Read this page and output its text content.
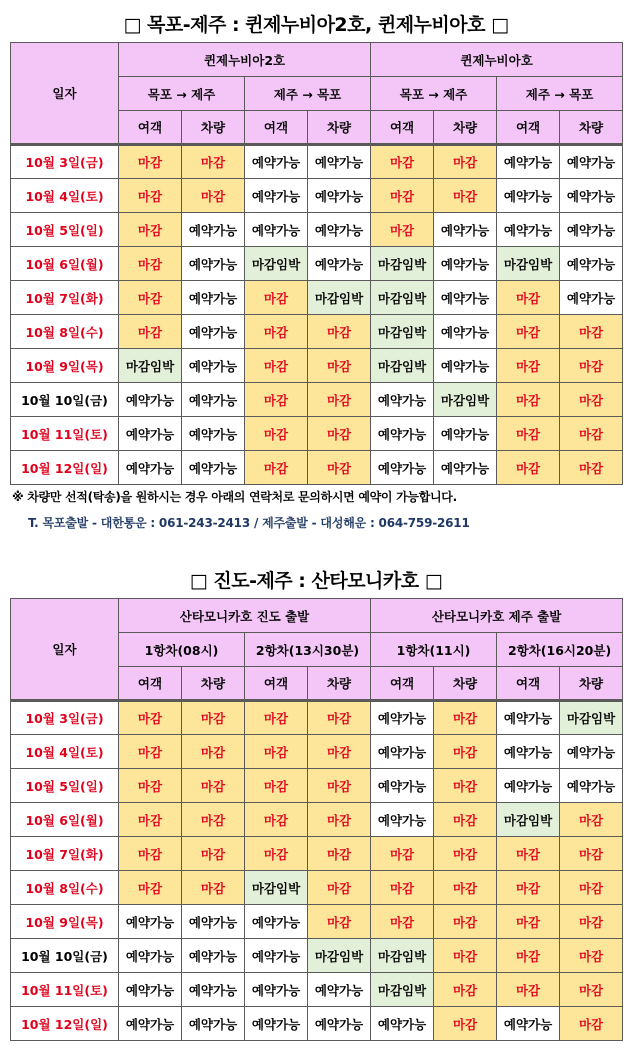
□ 목포-제주 : 퀸제누비아2호, 퀸제누비아호 □
일자	퀸제누비아2호				퀸제누비아호			
	목포 → 제주		제주 → 목포		목포 → 제주		제주 → 목포	
	여객	차량	여객	차량	여객	차량	여객	차량
10월 3일(금)	마감	마감	예약가능	예약가능	마감	마감	예약가능	예약가능
10월 4일(토)	마감	마감	예약가능	예약가능	마감	마감	예약가능	예약가능
10월 5일(일)	마감	예약가능	예약가능	예약가능	마감	예약가능	예약가능	예약가능
10월 6일(월)	마감	예약가능	마감임박	예약가능	마감임박	예약가능	마감임박	예약가능
10월 7일(화)	마감	예약가능	마감	마감임박	마감임박	예약가능	마감	예약가능
10월 8일(수)	마감	예약가능	마감	마감	마감임박	예약가능	마감	마감
10월 9일(목)	마감임박	예약가능	마감	마감	마감임박	예약가능	마감	마감
10월 10일(금)	예약가능	예약가능	마감	마감	예약가능	마감임박	마감	마감
10월 11일(토)	예약가능	예약가능	마감	마감	예약가능	예약가능	마감	마감
10월 12일(일)	예약가능	예약가능	마감	마감	예약가능	예약가능	마감	마감
※ 차량만 선적(탁송)을 원하시는 경우 아래의 연락처로 문의하시면 예약이 가능합니다.
T. 목포출발 - 대한통운 : 061-243-2413 / 제주출발 - 대성해운 : 064-759-2611
□ 진도-제주 : 산타모니카호 □
일자	산타모니카호 진도 출발				산타모니카호 제주 출발			
	1항차(08시)		2항차(13시30분)		1항차(11시)		2항차(16시20분)	
	여객	차량	여객	차량	여객	차량	여객	차량
10월 3일(금)	마감	마감	마감	마감	예약가능	마감	예약가능	마감임박
10월 4일(토)	마감	마감	마감	마감	예약가능	마감	예약가능	예약가능
10월 5일(일)	마감	마감	마감	마감	예약가능	마감	예약가능	예약가능
10월 6일(월)	마감	마감	마감	마감	예약가능	마감	마감임박	마감
10월 7일(화)	마감	마감	마감	마감	마감	마감	마감	마감
10월 8일(수)	마감	마감	마감임박	마감	마감	마감	마감	마감
10월 9일(목)	예약가능	예약가능	예약가능	마감	마감	마감	마감	마감
10월 10일(금)	예약가능	예약가능	예약가능	마감임박	마감임박	마감	마감	마감
10월 11일(토)	예약가능	예약가능	예약가능	예약가능	마감임박	마감	마감	마감
10월 12일(일)	예약가능	예약가능	예약가능	예약가능	예약가능	마감	예약가능	마감
